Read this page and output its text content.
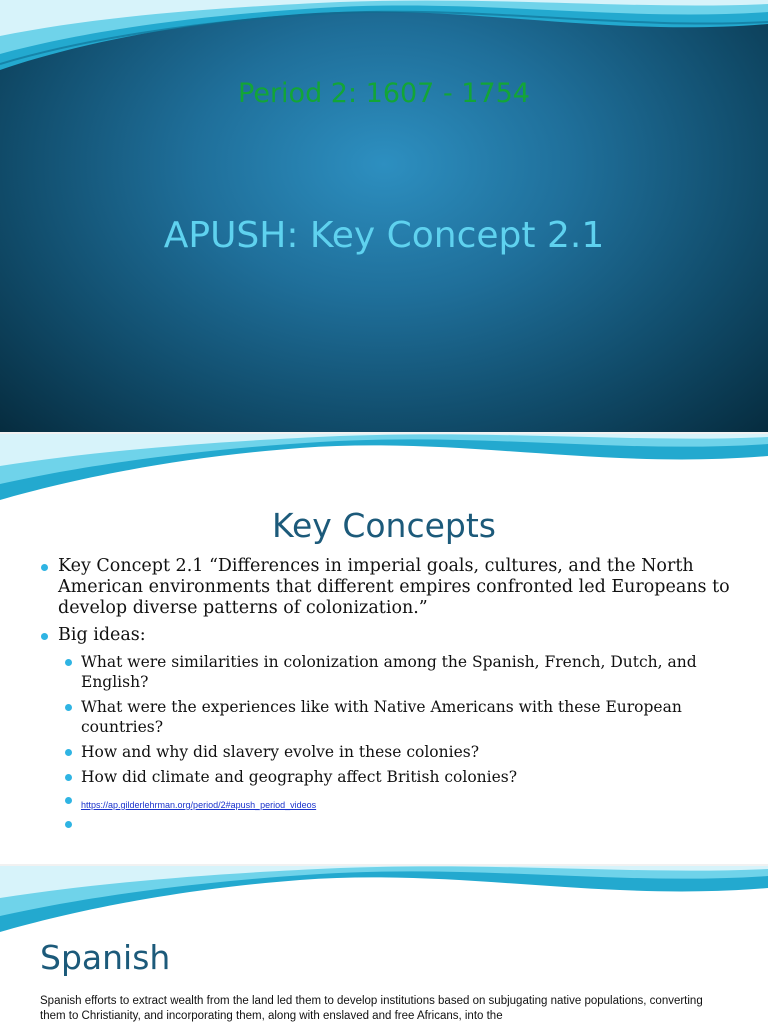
Period 2: 1607 - 1754
APUSH: Key Concept 2.1
Key Concepts
Key Concept 2.1 “Differences in imperial goals, cultures, and the North American environments that different empires confronted led Europeans to develop diverse patterns of colonization.”
Big ideas:
What were similarities in colonization among the Spanish, French, Dutch, and English?
What were the experiences like with Native Americans with these European countries?
How and why did slavery evolve in these colonies?
How did climate and geography affect British colonies?
https://ap.gilderlehrman.org/period/2#apush_period_videos
Spanish
Spanish efforts to extract wealth from the land led them to develop institutions based on subjugating native populations, converting them to Christianity, and incorporating them, along with enslaved and free Africans, into the
